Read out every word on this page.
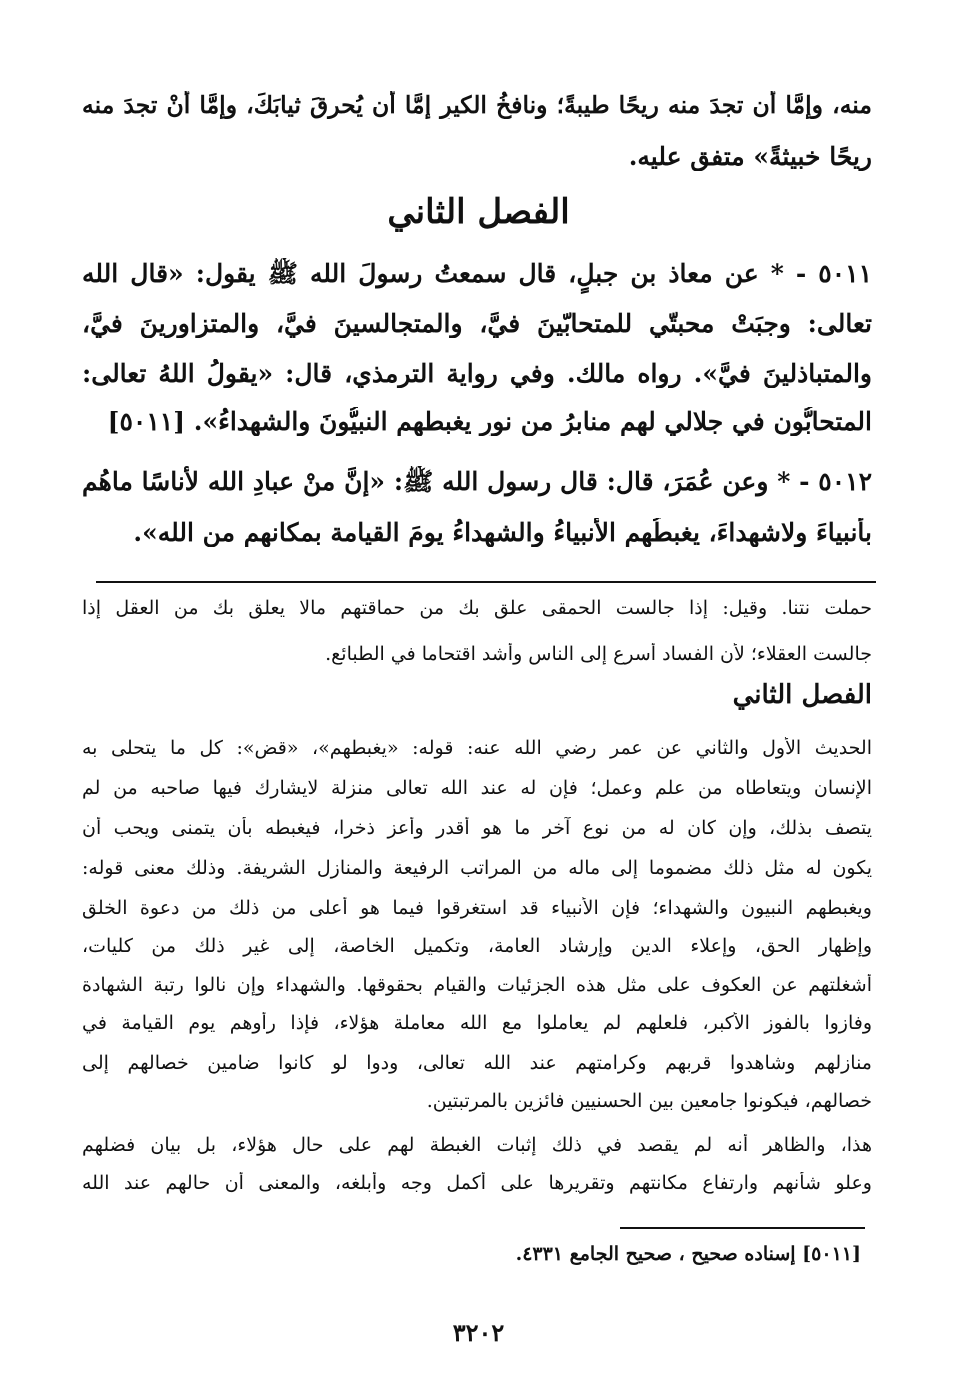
منه، وإمَّا أن تجدَ منه ريحًا طيبةً؛ ونافخُ الكيرِ إمَّا أن يُحرقَ ثيابَكَ، وإمَّا أنْ تجدَ منه
ريحًا خبيثةً» متفق عليه.
الفصل الثاني
٥٠١١ - * عن معاذ بن جبلٍ، قال سمعتُ رسولَ الله ﷺ يقول: «قال الله
تعالى: وجبَتْ محبتّي للمتحابّينَ فيَّ، والمتجالسينَ فيَّ، والمتزاورينَ فيَّ،
والمتباذلينَ فيَّ». رواه مالك. وفي رواية الترمذي، قال: «يقولُ اللهُ تعالى:
المتحابُّون في جلالي لهم منابرُ من نورٍ يغبطهم النبيُّونَ والشهداءُ». [٥٠١١]
٥٠١٢ - * وعن عُمَرَ، قال: قال رسول الله ﷺ: «إنَّ منْ عبادِ الله لأُناسًا ماهُم
بأنبياءَ ولاشهداءَ، يغبطُهم الأنبياءُ والشهداءُ يومَ القيامة بمكانهم من الله».
حملت نتنا. وقيل: إذا جالست الحمقى علق بك من حماقتهم مالا يعلق بك من العقل إذا
جالست العقلاء؛ لأن الفساد أسرع إلى الناس وأشد اقتحاما في الطبائع.
الفصل الثاني
الحديث الأول والثاني عن عمر رضي الله عنه: قوله: «يغبطهم»، «قض»: كل ما يتحلى به
الإنسان ويتعاطاه من علم وعمل؛ فإن له عند الله تعالى منزلة لايشارك فيها صاحبه من لم
يتصف بذلك، وإن كان له من نوع آخر ما هو أقدر وأعز ذخرا، فيغبطه بأن يتمنى ويحب أن
يكون له مثل ذلك مضموما إلى ماله من المراتب الرفيعة والمنازل الشريفة. وذلك معنى قوله:
ويغبطهم النبيون والشهداء؛ فإن الأنبياء قد استغرقوا فيما هو أعلى من ذلك من دعوة الخلق
وإظهار الحق، وإعلاء الدين وإرشاد العامة، وتكميل الخاصة، إلى غير ذلك من كليات،
أشغلتهم عن العكوف على مثل هذه الجزئيات والقيام بحقوقها. والشهداء وإن نالوا رتبة الشهادة
وفازوا بالفوز الأكبر، فلعلهم لم يعاملوا مع الله معاملة هؤلاء، فإذا رأوهم يوم القيامة في
منازلهم وشاهدوا قربهم وكرامتهم عند الله تعالى، ودوا لو كانوا ضامين خصالهم إلى
خصالهم، فيكونوا جامعين بين الحسنيين فائزين بالمرتبتين.
هذا، والظاهر أنه لم يقصد في ذلك إثبات الغبطة لهم على حال هؤلاء، بل بيان فضلهم
وعلو شأنهم وارتفاع مكانتهم وتقريرها على أكمل وجه وأبلغه، والمعنى أن حالهم عند الله
[٥٠١١] إسناده صحيح ، صحيح الجامع ٤٣٣١.
٣٢٠٢
